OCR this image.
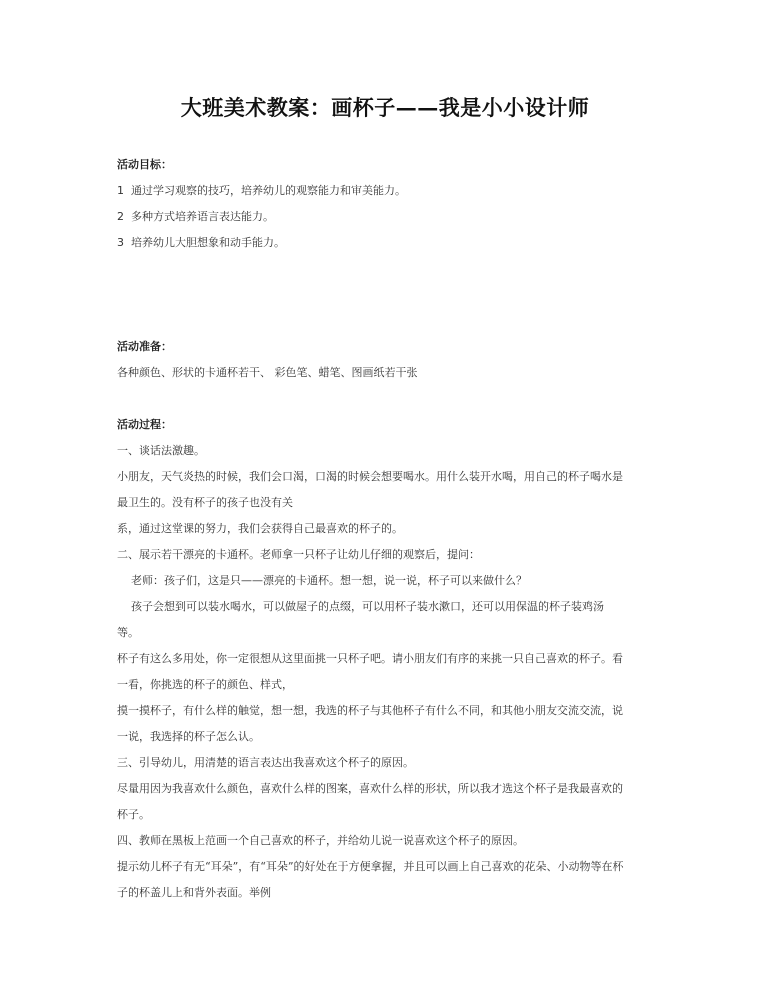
大班美术教案：画杯子——我是小小设计师
活动目标：
1 通过学习观察的技巧，培养幼儿的观察能力和审美能力。
2 多种方式培养语言表达能力。
3 培养幼儿大胆想象和动手能力。
活动准备：
各种颜色、形状的卡通杯若干、 彩色笔、蜡笔、图画纸若干张
活动过程：
一、谈话法激趣。
小朋友，天气炎热的时候，我们会口渴，口渴的时候会想要喝水。用什么装开水喝，用自己的杯子喝水是
最卫生的。没有杯子的孩子也没有关
系，通过这堂课的努力，我们会获得自己最喜欢的杯子的。
二、展示若干漂亮的卡通杯。老师拿一只杯子让幼儿仔细的观察后，提问：
老师：孩子们，这是只——漂亮的卡通杯。想一想，说一说，杯子可以来做什么？
孩子会想到可以装水喝水，可以做屋子的点缀，可以用杯子装水漱口，还可以用保温的杯子装鸡汤
等。
杯子有这么多用处，你一定很想从这里面挑一只杯子吧。请小朋友们有序的来挑一只自己喜欢的杯子。看
一看，你挑选的杯子的颜色、样式，
摸一摸杯子，有什么样的触觉，想一想，我选的杯子与其他杯子有什么不同，和其他小朋友交流交流，说
一说，我选择的杯子怎么认。
三、引导幼儿，用清楚的语言表达出我喜欢这个杯子的原因。
尽量用因为我喜欢什么颜色，喜欢什么样的图案，喜欢什么样的形状，所以我才选这个杯子是我最喜欢的
杯子。
四、教师在黑板上范画一个自己喜欢的杯子，并给幼儿说一说喜欢这个杯子的原因。
提示幼儿杯子有无“耳朵”，有“耳朵”的好处在于方便拿握，并且可以画上自己喜欢的花朵、小动物等在杯
子的杯盖儿上和背外表面。举例
